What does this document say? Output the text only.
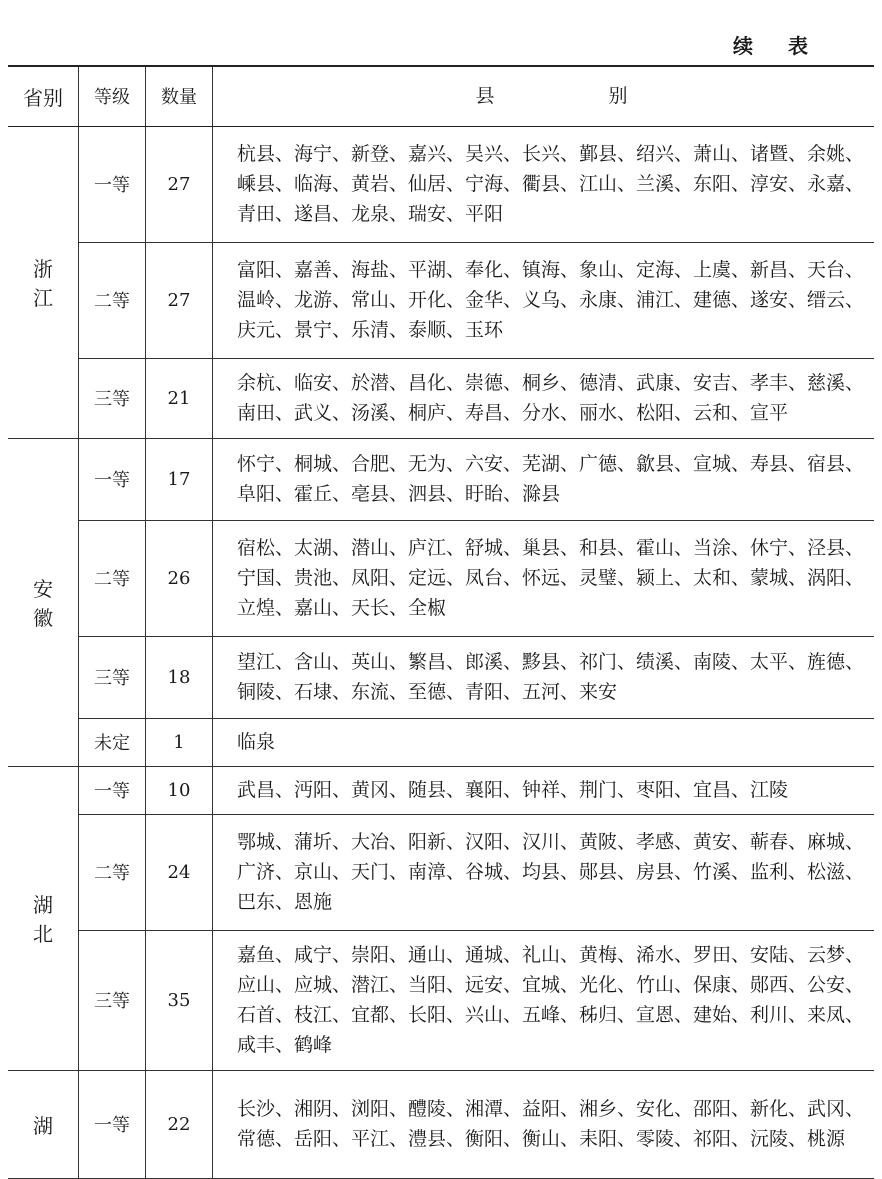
续 表
省别	等级	数量	县　　　　　　别

浙
江	一等	27	杭县、海宁、新登、嘉兴、吴兴、长兴、鄞县、绍兴、萧山、诸暨、余姚、嵊县、临海、黄岩、仙居、宁海、衢县、江山、兰溪、东阳、淳安、永嘉、青田、遂昌、龙泉、瑞安、平阳
	二等	27	富阳、嘉善、海盐、平湖、奉化、镇海、象山、定海、上虞、新昌、天台、温岭、龙游、常山、开化、金华、义乌、永康、浦江、建德、遂安、缙云、庆元、景宁、乐清、泰顺、玉环
	三等	21	余杭、临安、於潜、昌化、崇德、桐乡、德清、武康、安吉、孝丰、慈溪、南田、武义、汤溪、桐庐、寿昌、分水、丽水、松阳、云和、宣平

安
徽	一等	17	怀宁、桐城、合肥、无为、六安、芜湖、广德、歙县、宣城、寿县、宿县、阜阳、霍丘、亳县、泗县、盱眙、滁县
	二等	26	宿松、太湖、潜山、庐江、舒城、巢县、和县、霍山、当涂、休宁、泾县、宁国、贵池、凤阳、定远、凤台、怀远、灵璧、颍上、太和、蒙城、涡阳、立煌、嘉山、天长、全椒
	三等	18	望江、含山、英山、繁昌、郎溪、黟县、祁门、绩溪、南陵、太平、旌德、铜陵、石埭、东流、至德、青阳、五河、来安
	未定	1	临泉

湖
北	一等	10	武昌、沔阳、黄冈、随县、襄阳、钟祥、荆门、枣阳、宜昌、江陵
	二等	24	鄂城、蒲圻、大冶、阳新、汉阳、汉川、黄陂、孝感、黄安、蕲春、麻城、广济、京山、天门、南漳、谷城、均县、郧县、房县、竹溪、监利、松滋、巴东、恩施
	三等	35	嘉鱼、咸宁、崇阳、通山、通城、礼山、黄梅、浠水、罗田、安陆、云梦、应山、应城、潜江、当阳、远安、宜城、光化、竹山、保康、郧西、公安、石首、枝江、宜都、长阳、兴山、五峰、秭归、宣恩、建始、利川、来凤、咸丰、鹤峰

湖	一等	22	长沙、湘阴、浏阳、醴陵、湘潭、益阳、湘乡、安化、邵阳、新化、武冈、常德、岳阳、平江、澧县、衡阳、衡山、耒阳、零陵、祁阳、沅陵、桃源
